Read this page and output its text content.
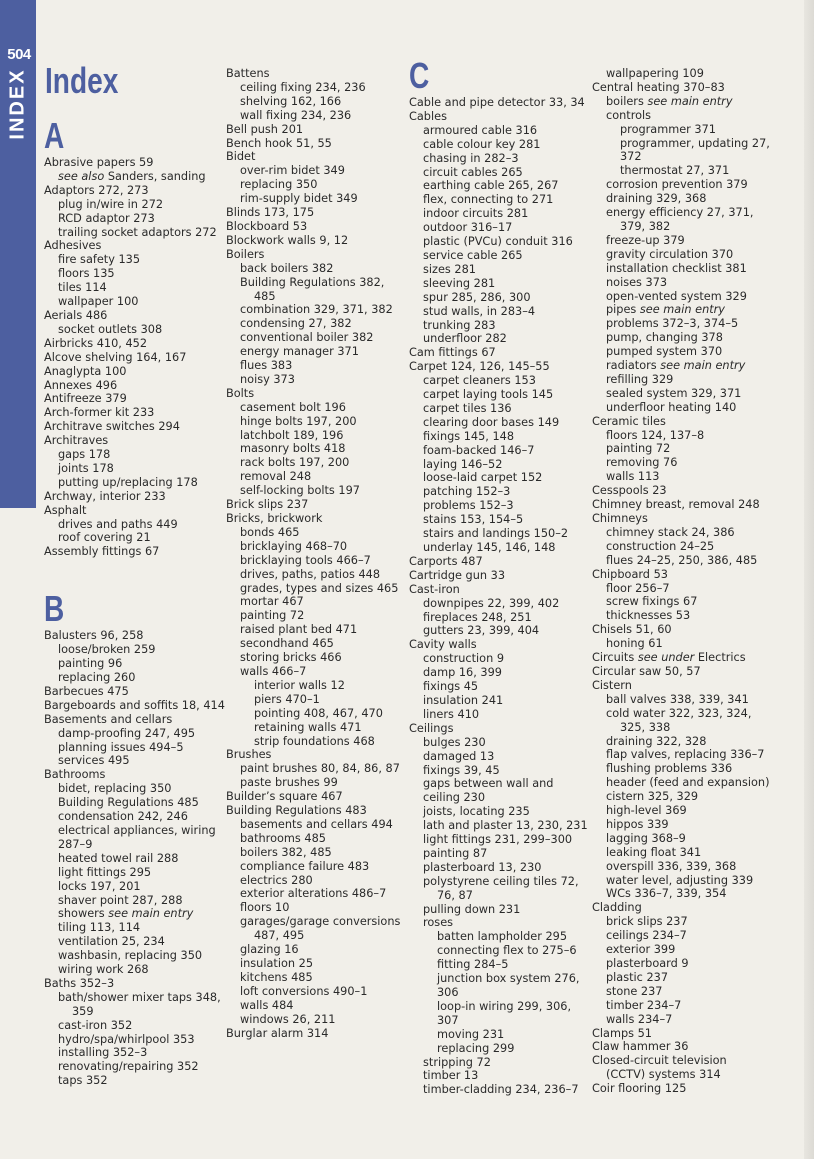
504
INDEX Index
A
Abrasive papers 59
see also Sanders, sanding
Adaptors 272, 273
plug in/wire in 272
RCD adaptor 273
trailing socket adaptors 272
Adhesives
fire safety 135
floors 135
tiles 114
wallpaper 100
Aerials 486
socket outlets 308
Airbricks 410, 452
Alcove shelving 164, 167
Anaglypta 100
Annexes 496
Antifreeze 379
Arch-former kit 233
Architrave switches 294
Architraves
gaps 178
joints 178
putting up/replacing 178
Archway, interior 233
Asphalt
drives and paths 449
roof covering 21
Assembly fittings 67
B
Balusters 96, 258
loose/broken 259
painting 96
replacing 260
Barbecues 475
Bargeboards and soffits 18, 414
Basements and cellars
damp-proofing 247, 495
planning issues 494–5
services 495
Bathrooms
bidet, replacing 350
Building Regulations 485
condensation 242, 246
electrical appliances, wiring
287–9
heated towel rail 288
light fittings 295
locks 197, 201
shaver point 287, 288
showers see main entry
tiling 113, 114
ventilation 25, 234
washbasin, replacing 350
wiring work 268
Baths 352–3
bath/shower mixer taps 348,
359
cast-iron 352
hydro/spa/whirlpool 353
installing 352–3
renovating/repairing 352
taps 352
Battens
ceiling fixing 234, 236
shelving 162, 166
wall fixing 234, 236
Bell push 201
Bench hook 51, 55
Bidet
over-rim bidet 349
replacing 350
rim-supply bidet 349
Blinds 173, 175
Blockboard 53
Blockwork walls 9, 12
Boilers
back boilers 382
Building Regulations 382,
485
combination 329, 371, 382
condensing 27, 382
conventional boiler 382
energy manager 371
flues 383
noisy 373
Bolts
casement bolt 196
hinge bolts 197, 200
latchbolt 189, 196
masonry bolts 418
rack bolts 197, 200
removal 248
self-locking bolts 197
Brick slips 237
Bricks, brickwork
bonds 465
bricklaying 468–70
bricklaying tools 466–7
drives, paths, patios 448
grades, types and sizes 465
mortar 467
painting 72
raised plant bed 471
secondhand 465
storing bricks 466
walls 466–7
interior walls 12
piers 470–1
pointing 408, 467, 470
retaining walls 471
strip foundations 468
Brushes
paint brushes 80, 84, 86, 87
paste brushes 99
Builder’s square 467
Building Regulations 483
basements and cellars 494
bathrooms 485
boilers 382, 485
compliance failure 483
electrics 280
exterior alterations 486–7
floors 10
garages/garage conversions
487, 495
glazing 16
insulation 25
kitchens 485
loft conversions 490–1
walls 484
windows 26, 211
Burglar alarm 314
C
Cable and pipe detector 33, 34
Cables
armoured cable 316
cable colour key 281
chasing in 282–3
circuit cables 265
earthing cable 265, 267
flex, connecting to 271
indoor circuits 281
outdoor 316–17
plastic (PVCu) conduit 316
service cable 265
sizes 281
sleeving 281
spur 285, 286, 300
stud walls, in 283–4
trunking 283
underfloor 282
Cam fittings 67
Carpet 124, 126, 145–55
carpet cleaners 153
carpet laying tools 145
carpet tiles 136
clearing door bases 149
fixings 145, 148
foam-backed 146–7
laying 146–52
loose-laid carpet 152
patching 152–3
problems 152–3
stains 153, 154–5
stairs and landings 150–2
underlay 145, 146, 148
Carports 487
Cartridge gun 33
Cast-iron
downpipes 22, 399, 402
fireplaces 248, 251
gutters 23, 399, 404
Cavity walls
construction 9
damp 16, 399
fixings 45
insulation 241
liners 410
Ceilings
bulges 230
damaged 13
fixings 39, 45
gaps between wall and
ceiling 230
joists, locating 235
lath and plaster 13, 230, 231
light fittings 231, 299–300
painting 87
plasterboard 13, 230
polystyrene ceiling tiles 72,
76, 87
pulling down 231
roses
batten lampholder 295
connecting flex to 275–6
fitting 284–5
junction box system 276,
306
loop-in wiring 299, 306,
307
moving 231
replacing 299
stripping 72
timber 13
timber-cladding 234, 236–7
wallpapering 109
Central heating 370–83
boilers see main entry
controls
programmer 371
programmer, updating 27,
372
thermostat 27, 371
corrosion prevention 379
draining 329, 368
energy efficiency 27, 371,
379, 382
freeze-up 379
gravity circulation 370
installation checklist 381
noises 373
open-vented system 329
pipes see main entry
problems 372–3, 374–5
pump, changing 378
pumped system 370
radiators see main entry
refilling 329
sealed system 329, 371
underfloor heating 140
Ceramic tiles
floors 124, 137–8
painting 72
removing 76
walls 113
Cesspools 23
Chimney breast, removal 248
Chimneys
chimney stack 24, 386
construction 24–25
flues 24–25, 250, 386, 485
Chipboard 53
floor 256–7
screw fixings 67
thicknesses 53
Chisels 51, 60
honing 61
Circuits see under Electrics
Circular saw 50, 57
Cistern
ball valves 338, 339, 341
cold water 322, 323, 324,
325, 338
draining 322, 328
flap valves, replacing 336–7
flushing problems 336
header (feed and expansion)
cistern 325, 329
high-level 369
hippos 339
lagging 368–9
leaking float 341
overspill 336, 339, 368
water level, adjusting 339
WCs 336–7, 339, 354
Cladding
brick slips 237
ceilings 234–7
exterior 399
plasterboard 9
plastic 237
stone 237
timber 234–7
walls 234–7
Clamps 51
Claw hammer 36
Closed-circuit television
(CCTV) systems 314
Coir flooring 125
